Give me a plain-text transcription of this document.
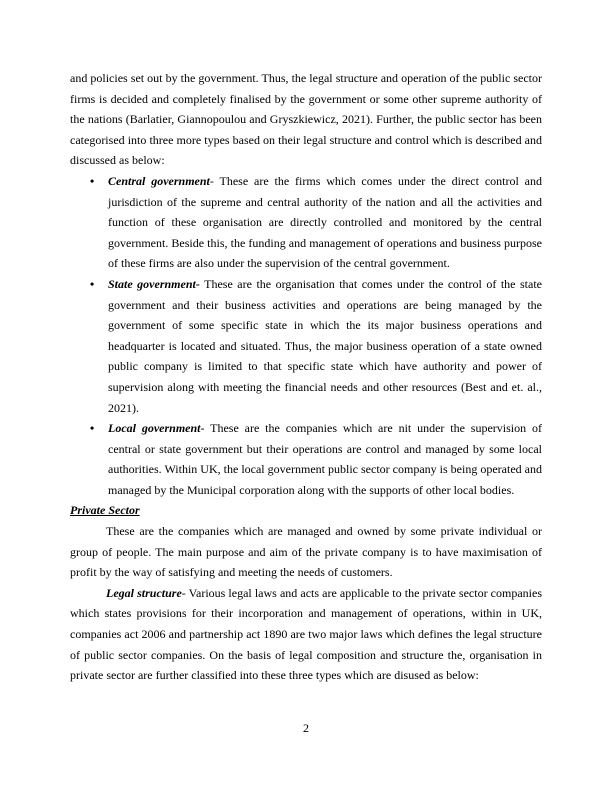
and policies set out by the government. Thus, the legal structure and operation of the public sector firms is decided and completely finalised by the government or some other supreme authority of the nations (Barlatier, Giannopoulou and Gryszkiewicz, 2021). Further, the public sector has been categorised into three more types based on their legal structure and control which is described and discussed as below:

• Central government- These are the firms which comes under the direct control and jurisdiction of the supreme and central authority of the nation and all the activities and function of these organisation are directly controlled and monitored by the central government. Beside this, the funding and management of operations and business purpose of these firms are also under the supervision of the central government.
• State government- These are the organisation that comes under the control of the state government and their business activities and operations are being managed by the government of some specific state in which the its major business operations and headquarter is located and situated. Thus, the major business operation of a state owned public company is limited to that specific state which have authority and power of supervision along with meeting the financial needs and other resources (Best and et. al., 2021).
• Local government- These are the companies which are nit under the supervision of central or state government but their operations are control and managed by some local authorities. Within UK, the local government public sector company is being operated and managed by the Municipal corporation along with the supports of other local bodies.

Private Sector

These are the companies which are managed and owned by some private individual or group of people. The main purpose and aim of the private company is to have maximisation of profit by the way of satisfying and meeting the needs of customers.

Legal structure- Various legal laws and acts are applicable to the private sector companies which states provisions for their incorporation and management of operations, within in UK, companies act 2006 and partnership act 1890 are two major laws which defines the legal structure of public sector companies. On the basis of legal composition and structure the, organisation in private sector are further classified into these three types which are disused as below:

2
